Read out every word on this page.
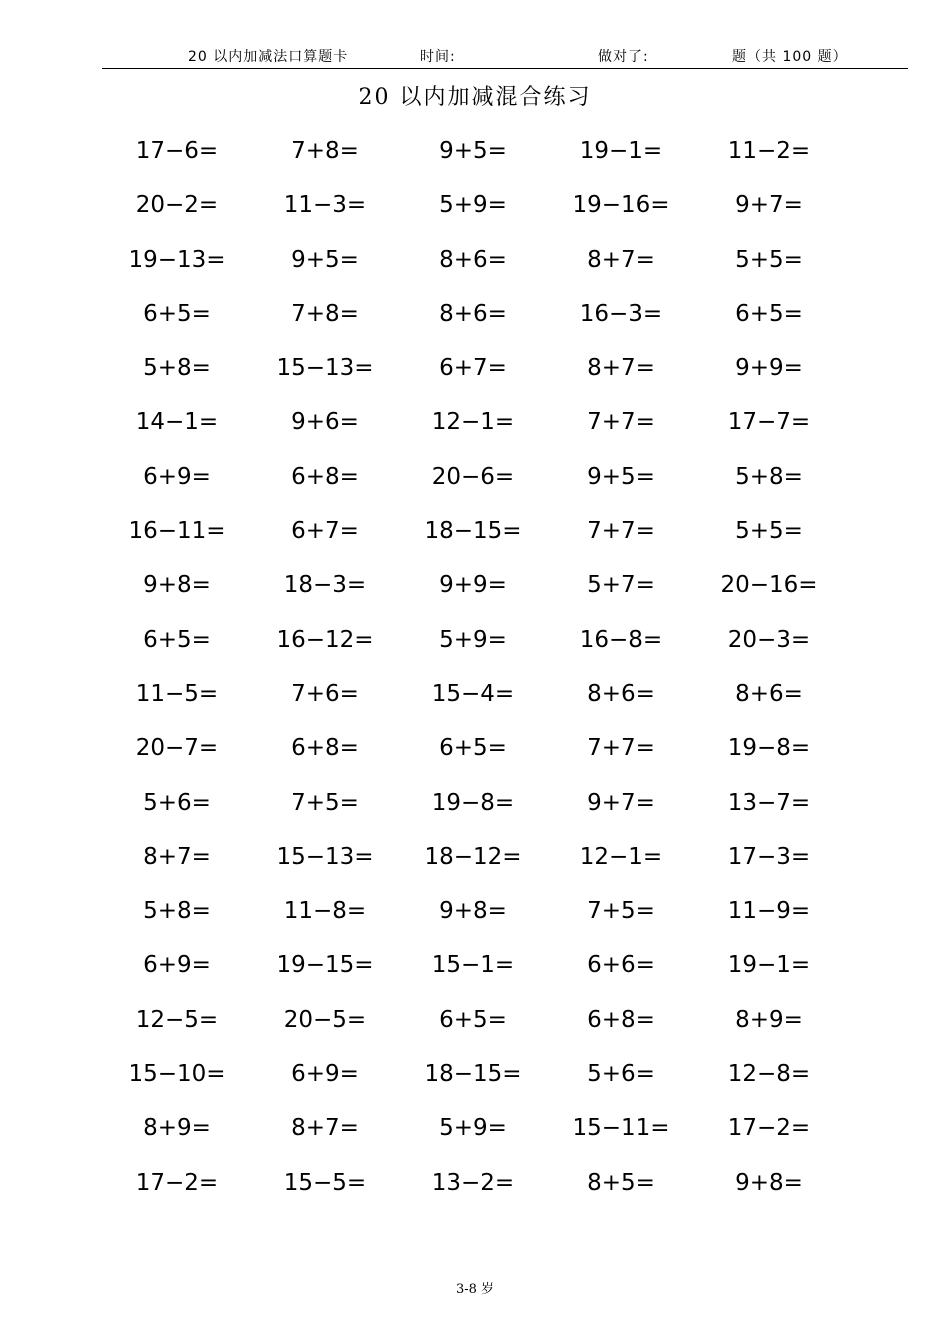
20 以内加减法口算题卡	时间:	做对了:	题（共 100 题）
20 以内加减混合练习
17−6=	7+8=	9+5=	19−1=	11−2=
20−2=	11−3=	5+9=	19−16=	9+7=
19−13=	9+5=	8+6=	8+7=	5+5=
6+5=	7+8=	8+6=	16−3=	6+5=
5+8=	15−13=	6+7=	8+7=	9+9=
14−1=	9+6=	12−1=	7+7=	17−7=
6+9=	6+8=	20−6=	9+5=	5+8=
16−11=	6+7=	18−15=	7+7=	5+5=
9+8=	18−3=	9+9=	5+7=	20−16=
6+5=	16−12=	5+9=	16−8=	20−3=
11−5=	7+6=	15−4=	8+6=	8+6=
20−7=	6+8=	6+5=	7+7=	19−8=
5+6=	7+5=	19−8=	9+7=	13−7=
8+7=	15−13=	18−12=	12−1=	17−3=
5+8=	11−8=	9+8=	7+5=	11−9=
6+9=	19−15=	15−1=	6+6=	19−1=
12−5=	20−5=	6+5=	6+8=	8+9=
15−10=	6+9=	18−15=	5+6=	12−8=
8+9=	8+7=	5+9=	15−11=	17−2=
17−2=	15−5=	13−2=	8+5=	9+8=
3-8 岁
